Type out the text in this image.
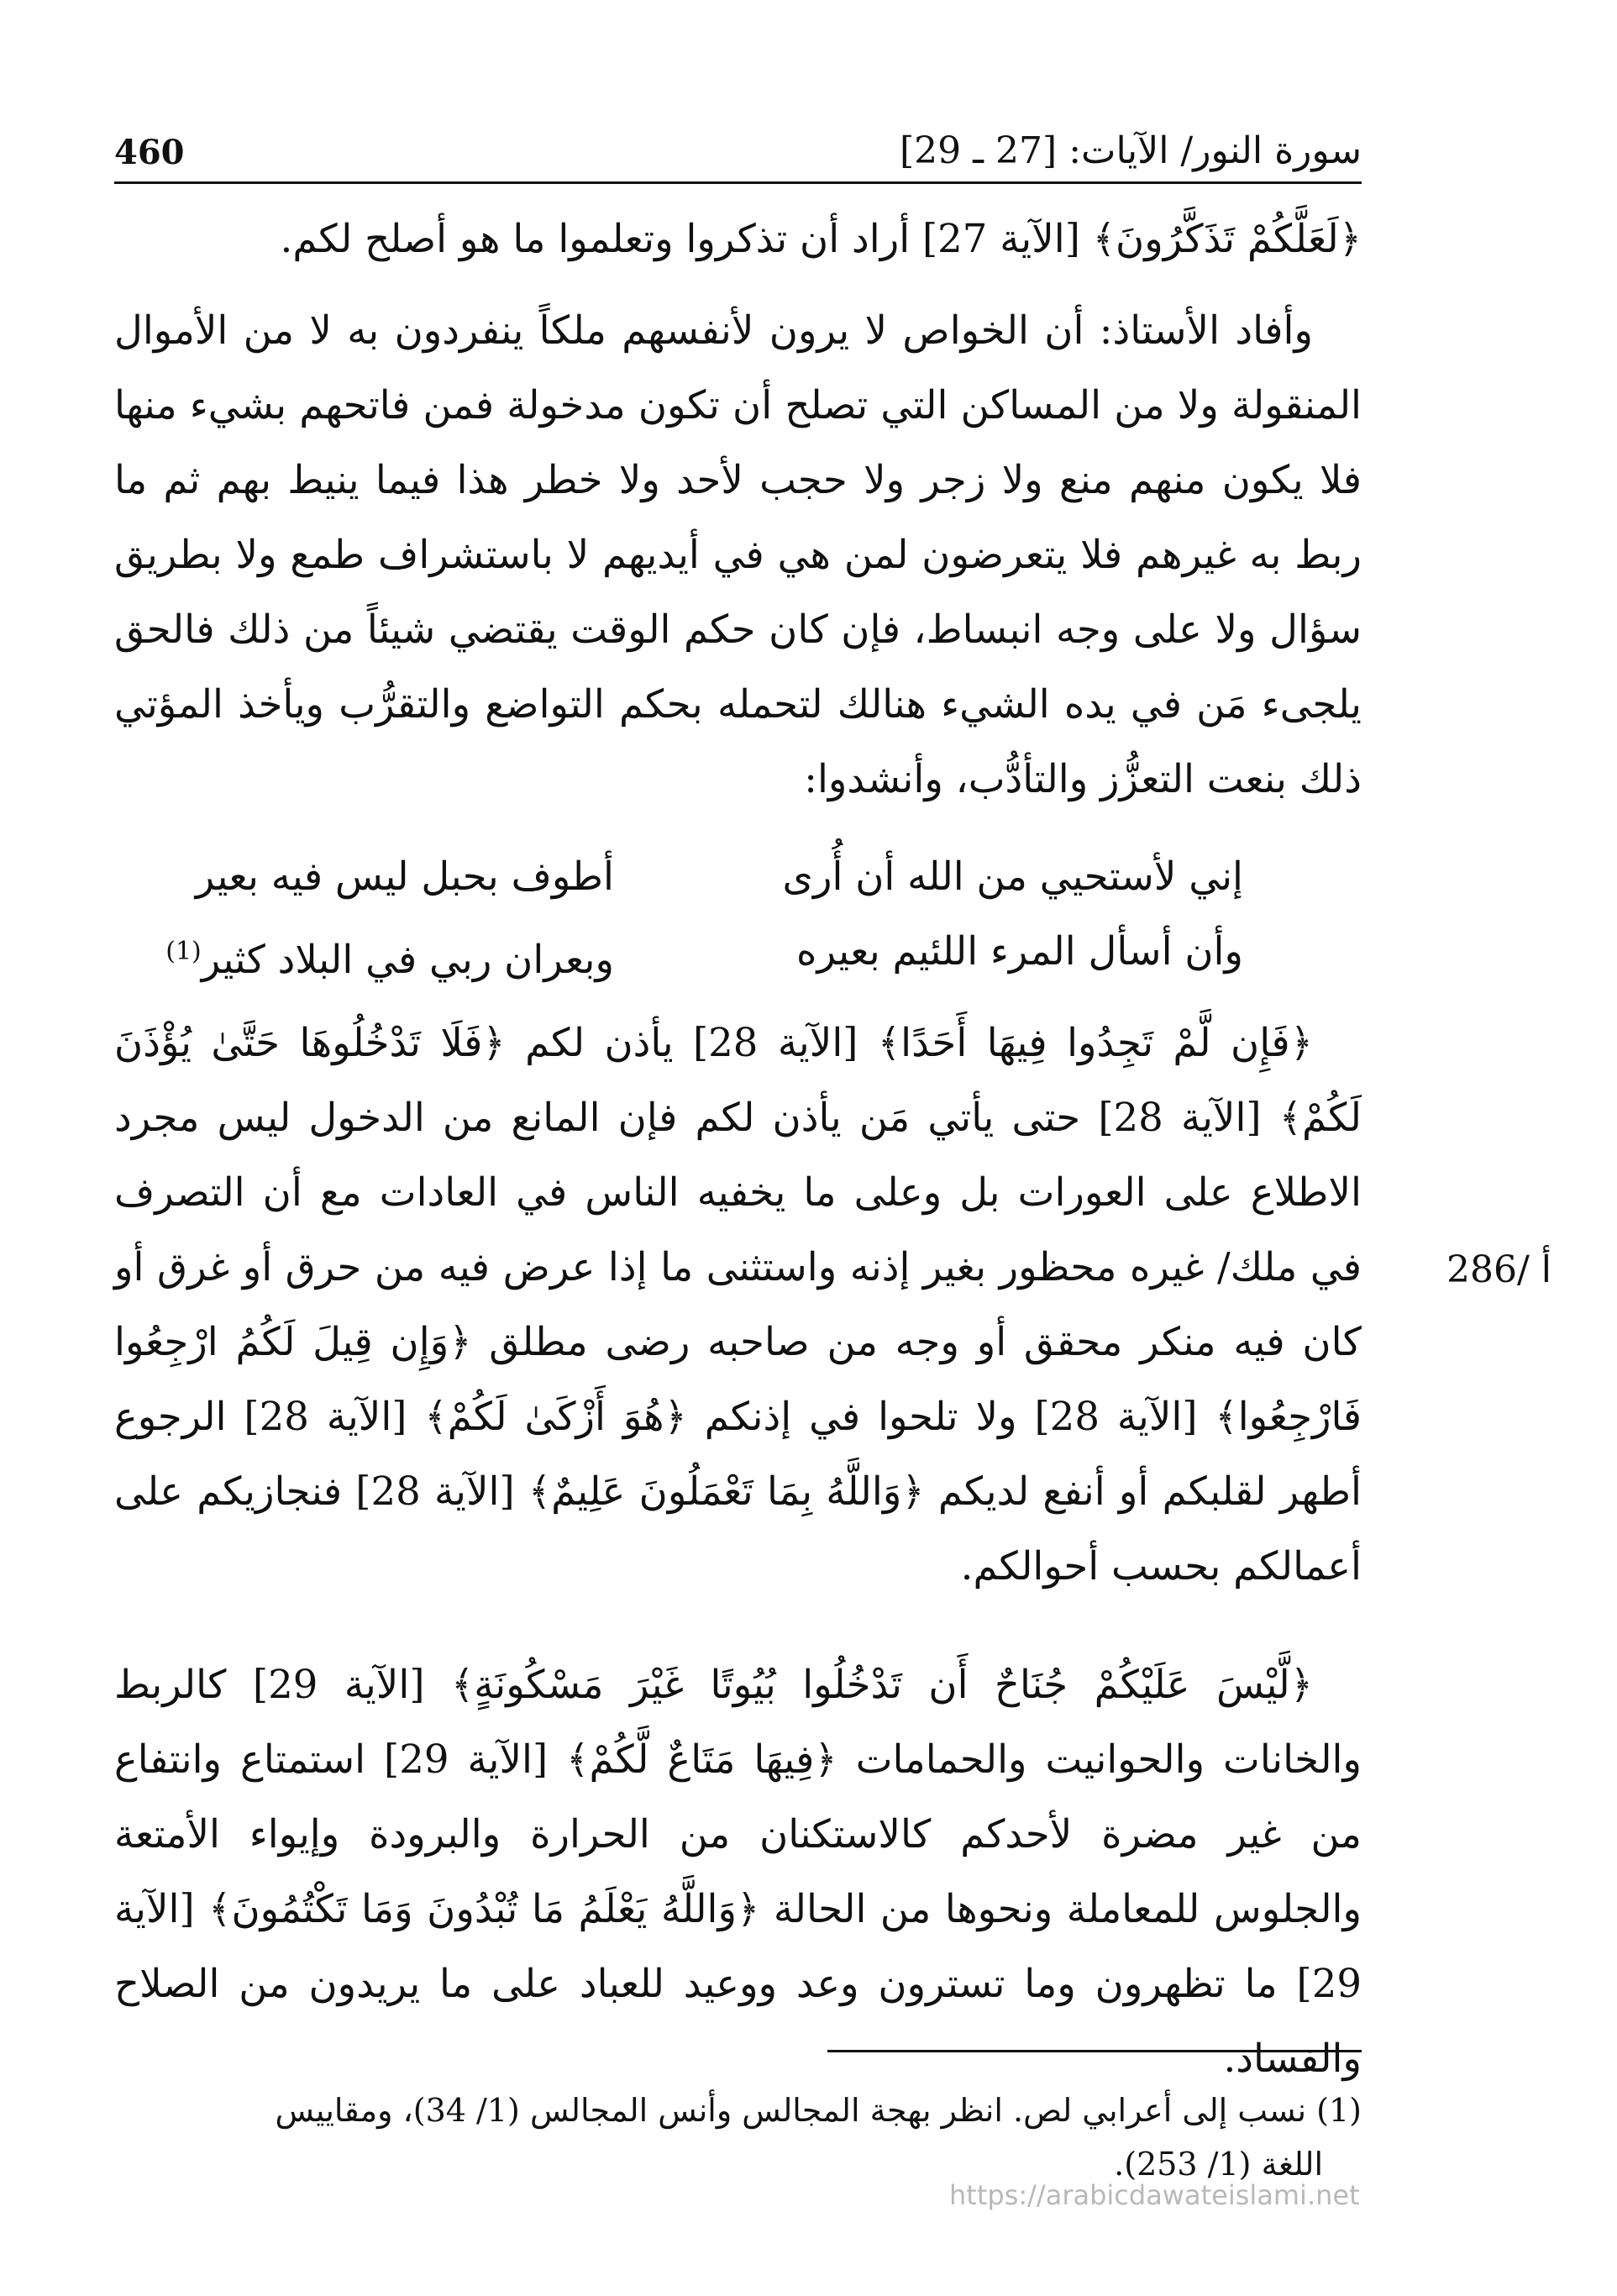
460	سورة النور/ الآيات: [27 ـ 29]

﴿لَعَلَّكُمْ تَذَكَّرُونَ﴾ [الآية 27] أراد أن تذكروا وتعلموا ما هو أصلح لكم.

وأفاد الأستاذ: أن الخواص لا يرون لأنفسهم ملكاً ينفردون به لا من الأموال المنقولة ولا من المساكن التي تصلح أن تكون مدخولة فمن فاتحهم بشيء منها فلا يكون منهم منع ولا زجر ولا حجب لأحد ولا خطر هذا فيما ينيط بهم ثم ما ربط به غيرهم فلا يتعرضون لمن هي في أيديهم لا باستشراف طمع ولا بطريق سؤال ولا على وجه انبساط، فإن كان حكم الوقت يقتضي شيئاً من ذلك فالحق يلجىء مَن في يده الشيء هنالك لتحمله بحكم التواضع والتقرُّب ويأخذ المؤتي ذلك بنعت التعزُّز والتأدُّب، وأنشدوا:

إني لأستحيي من الله أن أُرى
أطوف بحبل ليس فيه بعير
وأن أسأل المرء اللئيم بعيره
وبعران ربي في البلاد كثير$^{(1)}$

﴿فَإِن لَّمْ تَجِدُوا فِيهَا أَحَدًا﴾ [الآية 28] يأذن لكم ﴿فَلَا تَدْخُلُوهَا حَتَّىٰ يُؤْذَنَ لَكُمْ﴾ [الآية 28] حتى يأتي مَن يأذن لكم فإن المانع من الدخول ليس مجرد الاطلاع على العورات بل وعلى ما يخفيه الناس في العادات مع أن التصرف في ملك/ غيره محظور بغير إذنه واستثنى ما إذا عرض فيه من حرق أو غرق أو كان فيه منكر محقق أو وجه من صاحبه رضى مطلق ﴿وَإِن قِيلَ لَكُمُ ارْجِعُوا فَارْجِعُوا﴾ [الآية 28] ولا تلحوا في إذنكم ﴿هُوَ أَزْكَىٰ لَكُمْ﴾ [الآية 28] الرجوع أطهر لقلبكم أو أنفع لديكم ﴿وَاللَّهُ بِمَا تَعْمَلُونَ عَلِيمٌ﴾ [الآية 28] فنجازيكم على أعمالكم بحسب أحوالكم.

﴿لَّيْسَ عَلَيْكُمْ جُنَاحٌ أَن تَدْخُلُوا بُيُوتًا غَيْرَ مَسْكُونَةٍ﴾ [الآية 29] كالربط والخانات والحوانيت والحمامات ﴿فِيهَا مَتَاعٌ لَّكُمْ﴾ [الآية 29] استمتاع وانتفاع من غير مضرة لأحدكم كالاستكنان من الحرارة والبرودة وإيواء الأمتعة والجلوس للمعاملة ونحوها من الحالة ﴿وَاللَّهُ يَعْلَمُ مَا تُبْدُونَ وَمَا تَكْتُمُونَ﴾ [الآية 29] ما تظهرون وما تسترون وعد ووعيد للعباد على ما يريدون من الصلاح والفساد.

286/ أ
(1) نسب إلى أعرابي لص. انظر بهجة المجالس وأنس المجالس (1/ 34)، ومقاييس
اللغة (1/ 253).
https://arabicdawateislami.net
